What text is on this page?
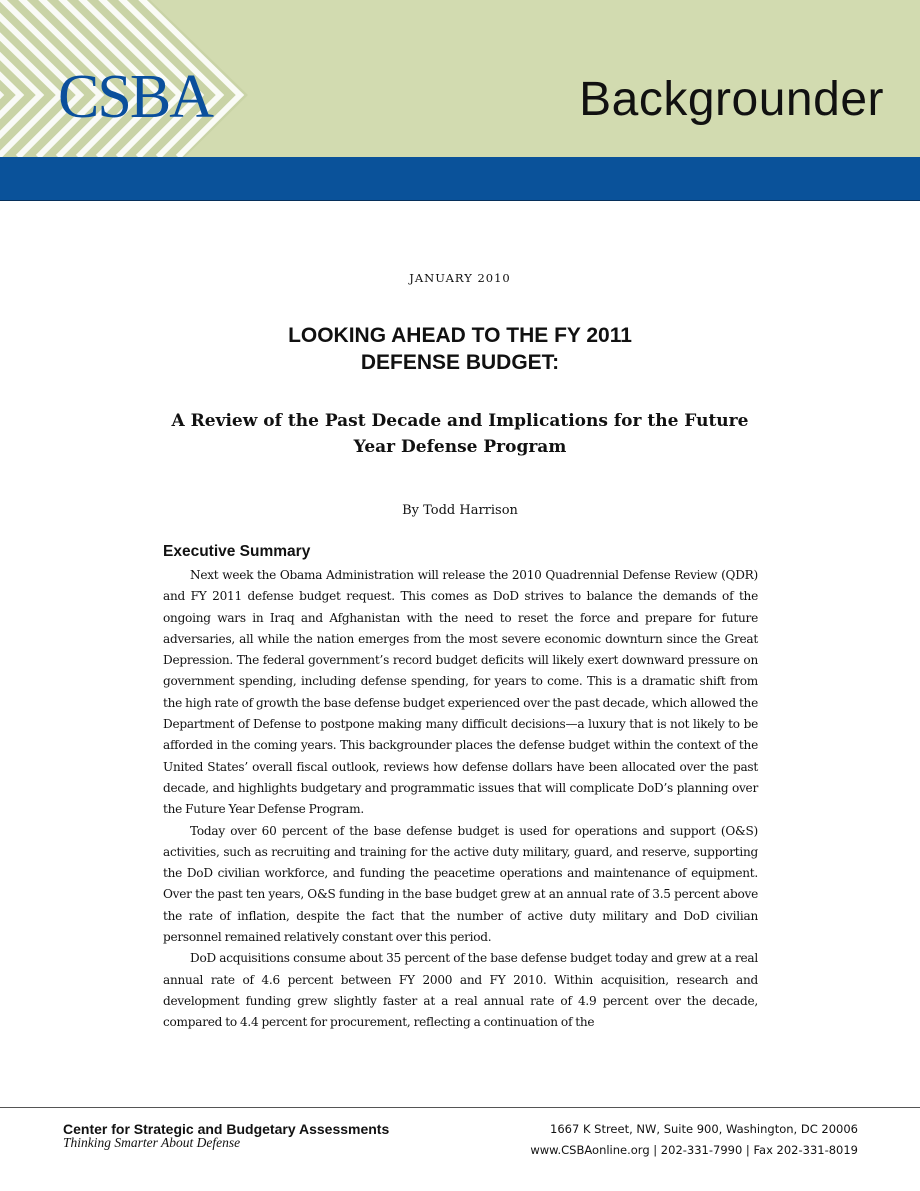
CSBA	Backgrounder
JANUARY 2010
LOOKING AHEAD TO THE FY 2011
DEFENSE BUDGET:
A Review of the Past Decade and Implications for the Future
Year Defense Program
By Todd Harrison
Executive Summary

Next week the Obama Administration will release the 2010 Quadrennial Defense Review (QDR) and FY 2011 defense budget request. This comes as DoD strives to balance the demands of the ongoing wars in Iraq and Afghanistan with the need to reset the force and prepare for future adversaries, all while the nation emerges from the most severe economic downturn since the Great Depression. The federal government’s record budget deficits will likely exert downward pressure on government spending, including defense spending, for years to come. This is a dramatic shift from the high rate of growth the base defense budget experienced over the past decade, which allowed the Department of Defense to postpone making many difficult decisions—a luxury that is not likely to be afforded in the coming years. This backgrounder places the defense budget within the context of the United States’ overall fiscal outlook, reviews how defense dollars have been allocated over the past decade, and highlights budgetary and programmatic issues that will complicate DoD’s planning over the Future Year Defense Program.

Today over 60 percent of the base defense budget is used for operations and support (O&S) activities, such as recruiting and training for the active duty military, guard, and reserve, supporting the DoD civilian workforce, and funding the peacetime operations and maintenance of equipment. Over the past ten years, O&S funding in the base budget grew at an annual rate of 3.5 percent above the rate of inflation, despite the fact that the number of active duty military and DoD civilian personnel remained relatively constant over this period.

DoD acquisitions consume about 35 percent of the base defense budget today and grew at a real annual rate of 4.6 percent between FY 2000 and FY 2010. Within acquisition, research and development funding grew slightly faster at a real annual rate of 4.9 percent over the decade, compared to 4.4 percent for procurement, reflecting a continuation of the

Center for Strategic and Budgetary Assessments
Thinking Smarter About Defense
1667 K Street, NW, Suite 900, Washington, DC 20006
www.CSBAonline.org | 202-331-7990 | Fax 202-331-8019
